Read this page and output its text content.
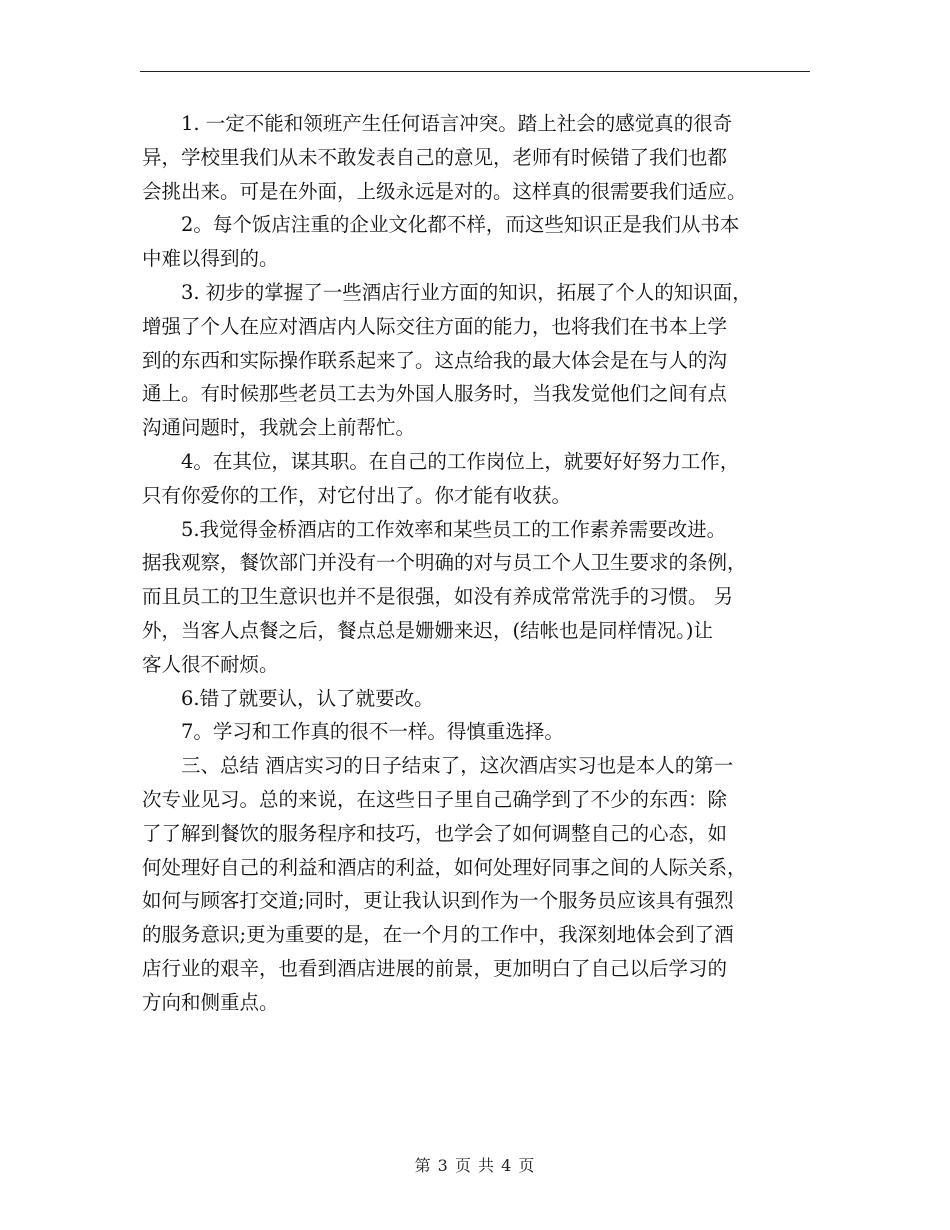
　　1. 一定不能和领班产生任何语言冲突。踏上社会的感觉真的很奇
异，学校里我们从未不敢发表自己的意见，老师有时候错了我们也都
会挑出来。可是在外面，上级永远是对的。这样真的很需要我们适应。
　　2。每个饭店注重的企业文化都不样，而这些知识正是我们从书本
中难以得到的。
　　3. 初步的掌握了一些酒店行业方面的知识，拓展了个人的知识面，
增强了个人在应对酒店内人际交往方面的能力，也将我们在书本上学
到的东西和实际操作联系起来了。这点给我的最大体会是在与人的沟
通上。有时候那些老员工去为外国人服务时，当我发觉他们之间有点
沟通问题时，我就会上前帮忙。
　　4。在其位，谋其职。在自己的工作岗位上，就要好好努力工作，
只有你爱你的工作，对它付出了。你才能有收获。
　　5.我觉得金桥酒店的工作效率和某些员工的工作素养需要改进。
据我观察，餐饮部门并没有一个明确的对与员工个人卫生要求的条例，
而且员工的卫生意识也并不是很强，如没有养成常常洗手的习惯。 另
外，当客人点餐之后，餐点总是姗姗来迟，(结帐也是同样情况。)让
客人很不耐烦。
　　6.错了就要认，认了就要改。
　　7。学习和工作真的很不一样。得慎重选择。
　　三、总结 酒店实习的日子结束了，这次酒店实习也是本人的第一
次专业见习。总的来说，在这些日子里自己确学到了不少的东西：除
了了解到餐饮的服务程序和技巧，也学会了如何调整自己的心态，如
何处理好自己的利益和酒店的利益，如何处理好同事之间的人际关系，
如何与顾客打交道;同时，更让我认识到作为一个服务员应该具有强烈
的服务意识;更为重要的是，在一个月的工作中，我深刻地体会到了酒
店行业的艰辛，也看到酒店进展的前景，更加明白了自己以后学习的
方向和侧重点。
第 3 页 共 4 页
